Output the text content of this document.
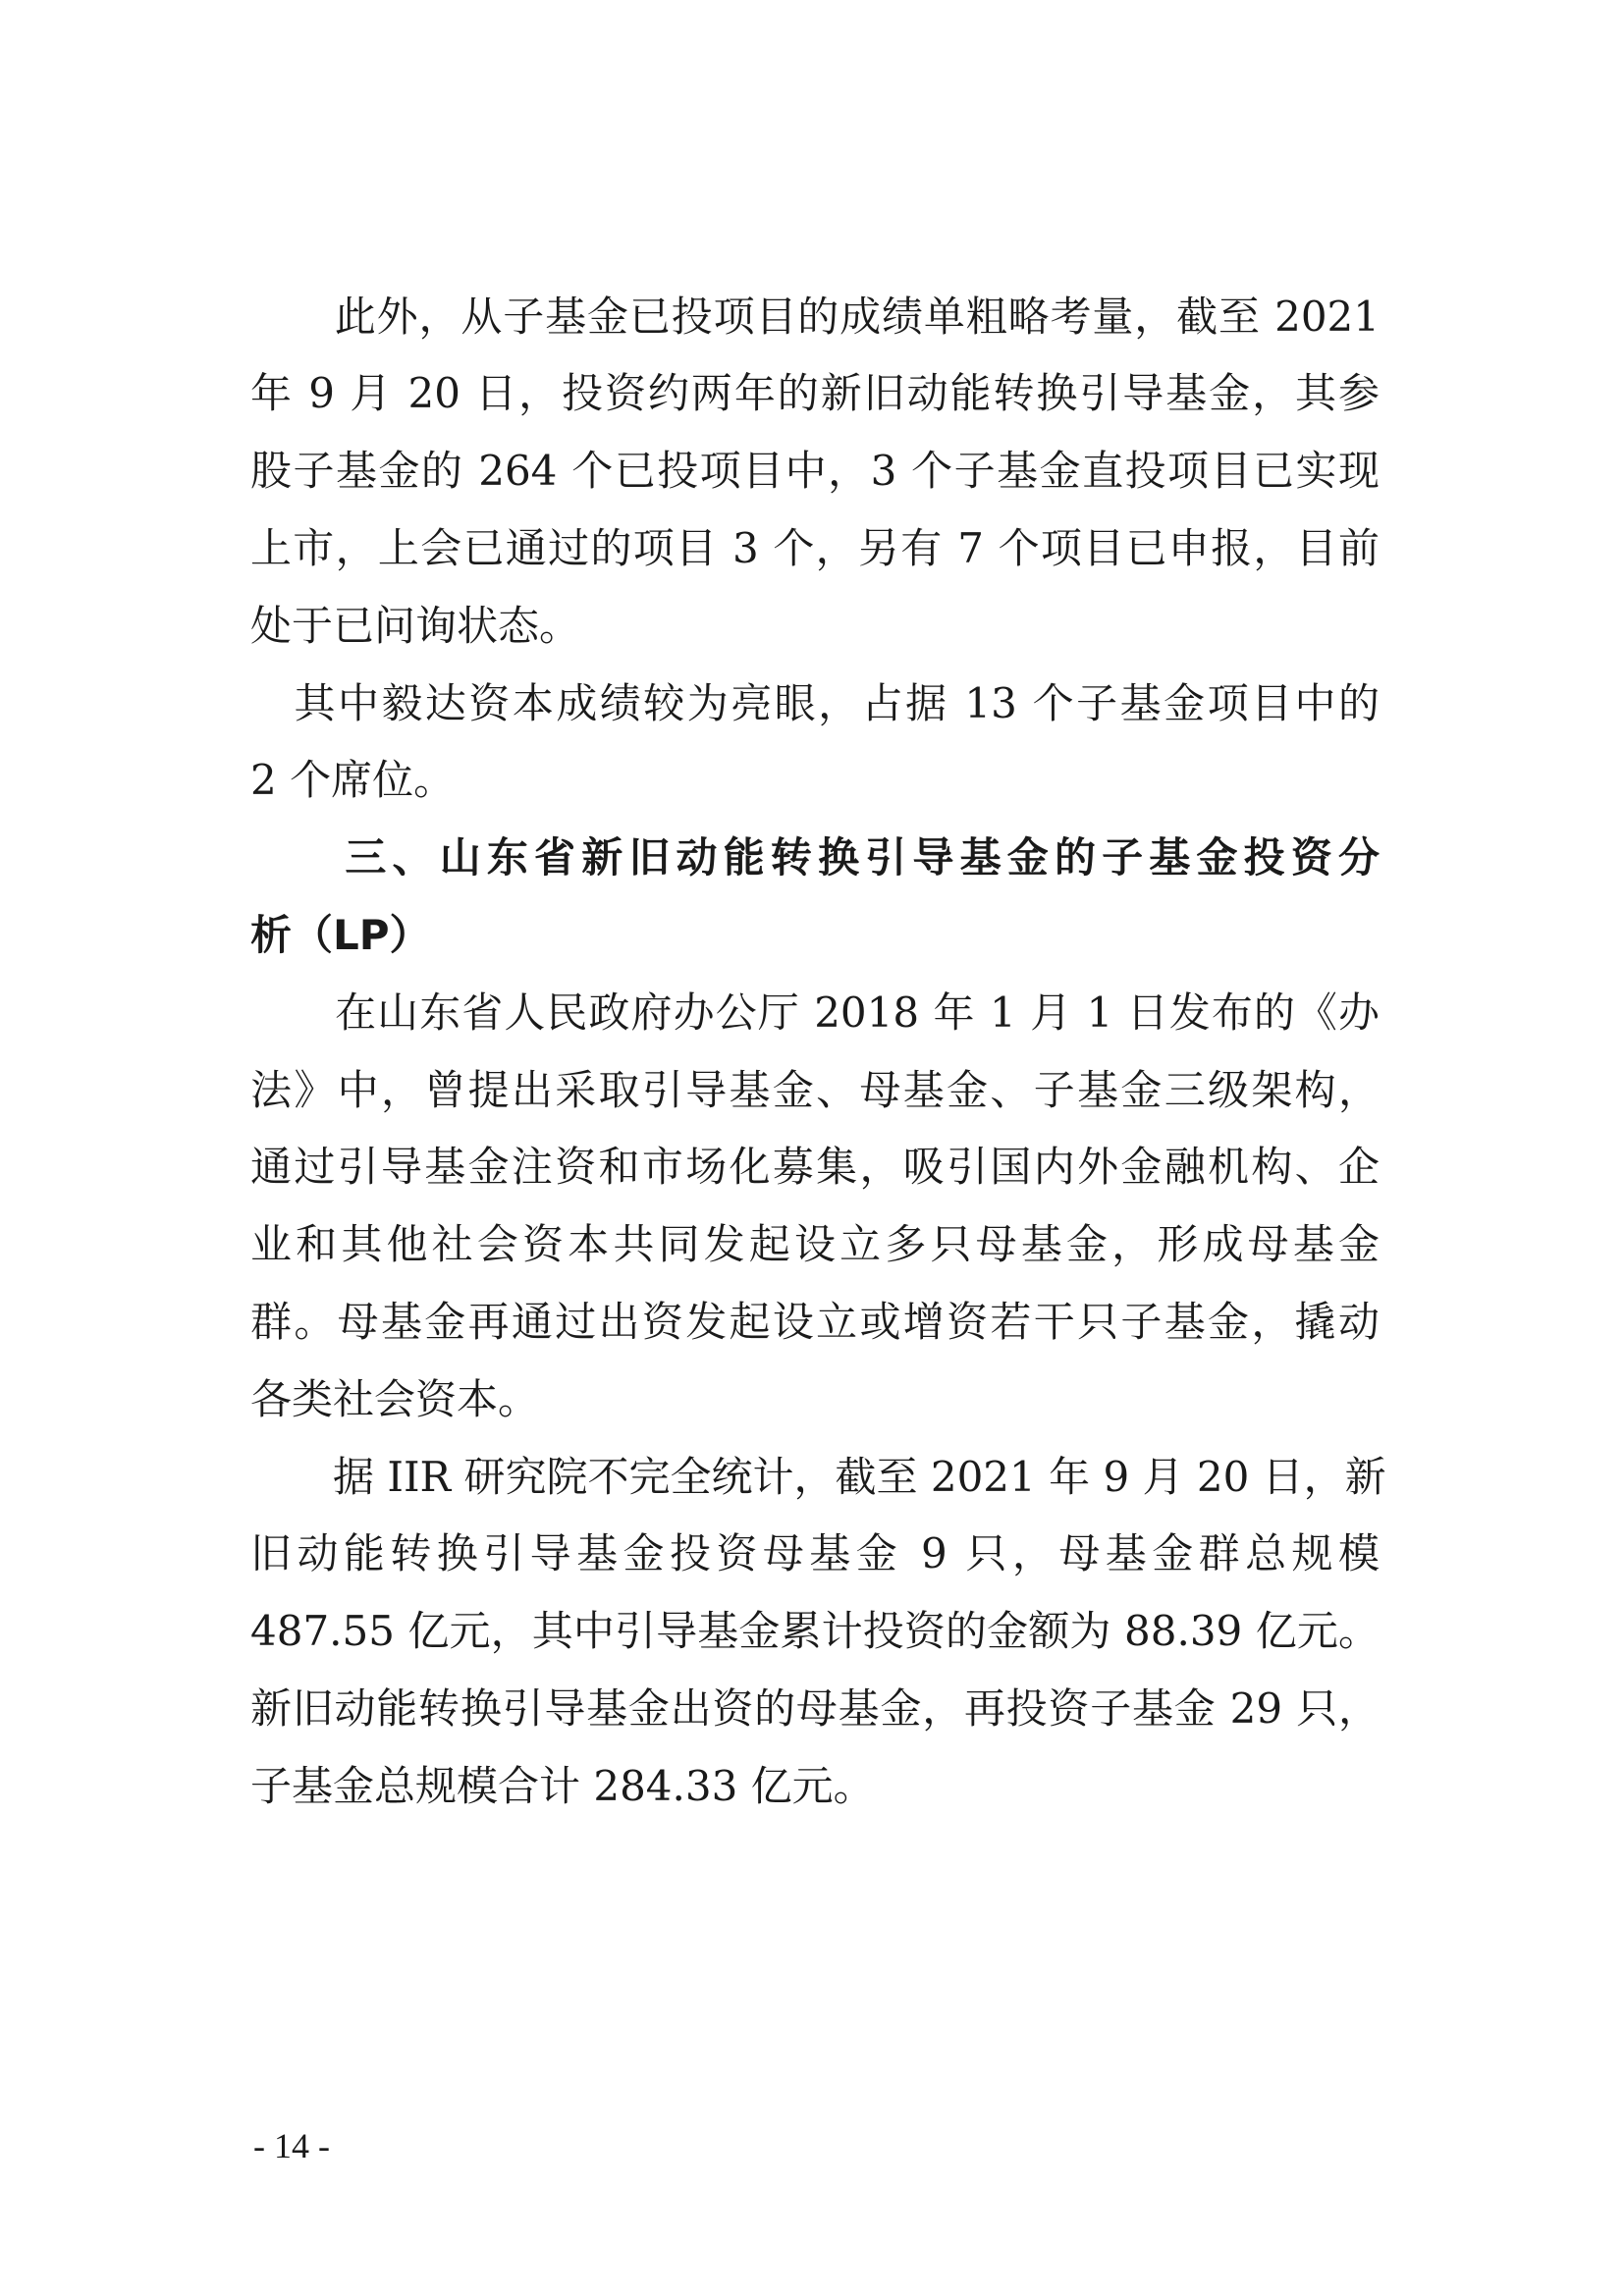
　　此外，从子基金已投项目的成绩单粗略考量，截至 2021
年 9 月 20 日，投资约两年的新旧动能转换引导基金，其参
股子基金的 264 个已投项目中，3 个子基金直投项目已实现
上市，上会已通过的项目 3 个，另有 7 个项目已申报，目前
处于已问询状态。
　其中毅达资本成绩较为亮眼，占据 13 个子基金项目中的
2 个席位。
　　三、山东省新旧动能转换引导基金的子基金投资分
析（LP）
　　在山东省人民政府办公厅 2018 年 1 月 1 日发布的《办
法》中，曾提出采取引导基金、母基金、子基金三级架构，
通过引导基金注资和市场化募集，吸引国内外金融机构、企
业和其他社会资本共同发起设立多只母基金，形成母基金
群。母基金再通过出资发起设立或增资若干只子基金，撬动
各类社会资本。
　　据 IIR 研究院不完全统计，截至 2021 年 9 月 20 日，新
旧动能转换引导基金投资母基金 9 只，母基金群总规模
487.55 亿元，其中引导基金累计投资的金额为 88.39 亿元。
新旧动能转换引导基金出资的母基金，再投资子基金 29 只，
子基金总规模合计 284.33 亿元。
- 14 -
